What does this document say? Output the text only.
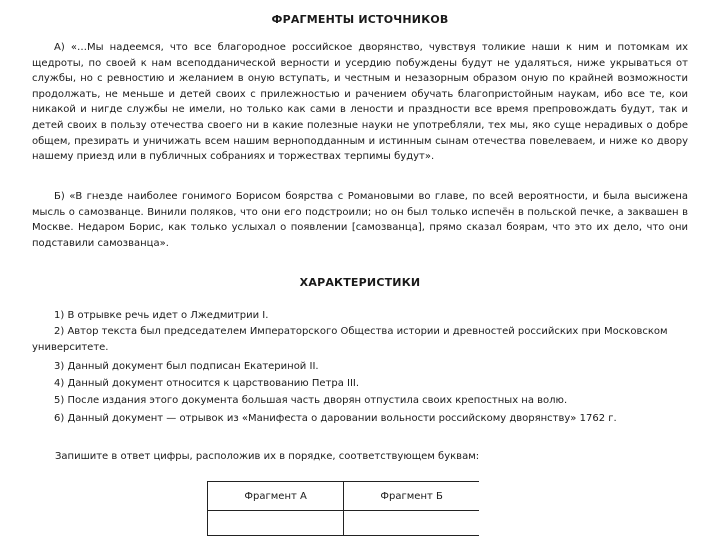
ФРАГМЕНТЫ ИСТОЧНИКОВ

А) «…Мы надеемся, что все благородное российское дворянство, чувствуя толикие наши к ним и потомкам их щедроты, по своей к нам всеподданической верности и усердию побуждены будут не удаляться, ниже укрываться от службы, но с ревностию и желанием в оную вступать, и честным и незазорным образом оную по крайней возможности продолжать, не меньше и детей своих с прилежностью и рачением обучать благопристойным наукам, ибо все те, кои никакой и нигде службы не имели, но только как сами в лености и праздности все время препровождать будут, так и детей своих в пользу отечества своего ни в какие полезные науки не употребляли, тех мы, яко суще нерадивых о добре общем, презирать и уничижать всем нашим верноподданным и истинным сынам отечества повелеваем, и ниже ко двору нашему приезд или в публичных собраниях и торжествах терпимы будут».

Б) «В гнезде наиболее гонимого Борисом боярства с Романовыми во главе, по всей вероятности, и была высижена мысль о самозванце. Винили поляков, что они его подстроили; но он был только испечён в польской печке, а заквашен в Москве. Недаром Борис, как только услыхал о появлении [самозванца], прямо сказал боярам, что это их дело, что они подставили самозванца».

ХАРАКТЕРИСТИКИ

1) В отрывке речь идет о Лжедмитрии I.

2) Автор текста был председателем Императорского Общества истории и древностей российских при Московском университете.

3) Данный документ был подписан Екатериной II.

4) Данный документ относится к царствованию Петра III.

5) После издания этого документа большая часть дворян отпустила своих крепостных на волю.

6) Данный документ — отрывок из «Манифеста о даровании вольности российскому дворянству» 1762 г.

Запишите в ответ цифры, расположив их в порядке, соответствующем буквам:

Фрагмент А	Фрагмент Б
